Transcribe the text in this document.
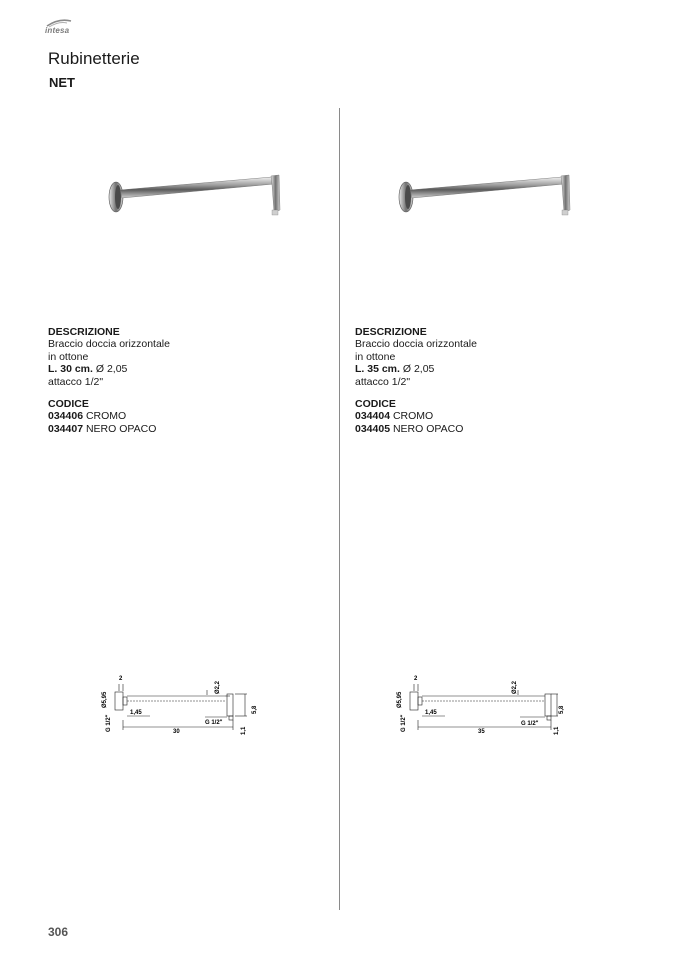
intesa
Rubinetterie
NET
DESCRIZIONE
Braccio doccia orizzontale
in ottone
L. 30 cm. Ø 2,05
attacco 1/2"
CODICE
034406 CROMO
034407 NERO OPACO
DESCRIZIONE
Braccio doccia orizzontale
in ottone
L. 35 cm. Ø 2,05
attacco 1/2"
CODICE
034404 CROMO
034405 NERO OPACO
2
Ø5,95
G 1/2"
1,45
30
Ø2,2
G 1/2"
5,8
1,1
2
Ø5,95
G 1/2"
1,45
35
Ø2,2
G 1/2"
5,8
1,1
306
